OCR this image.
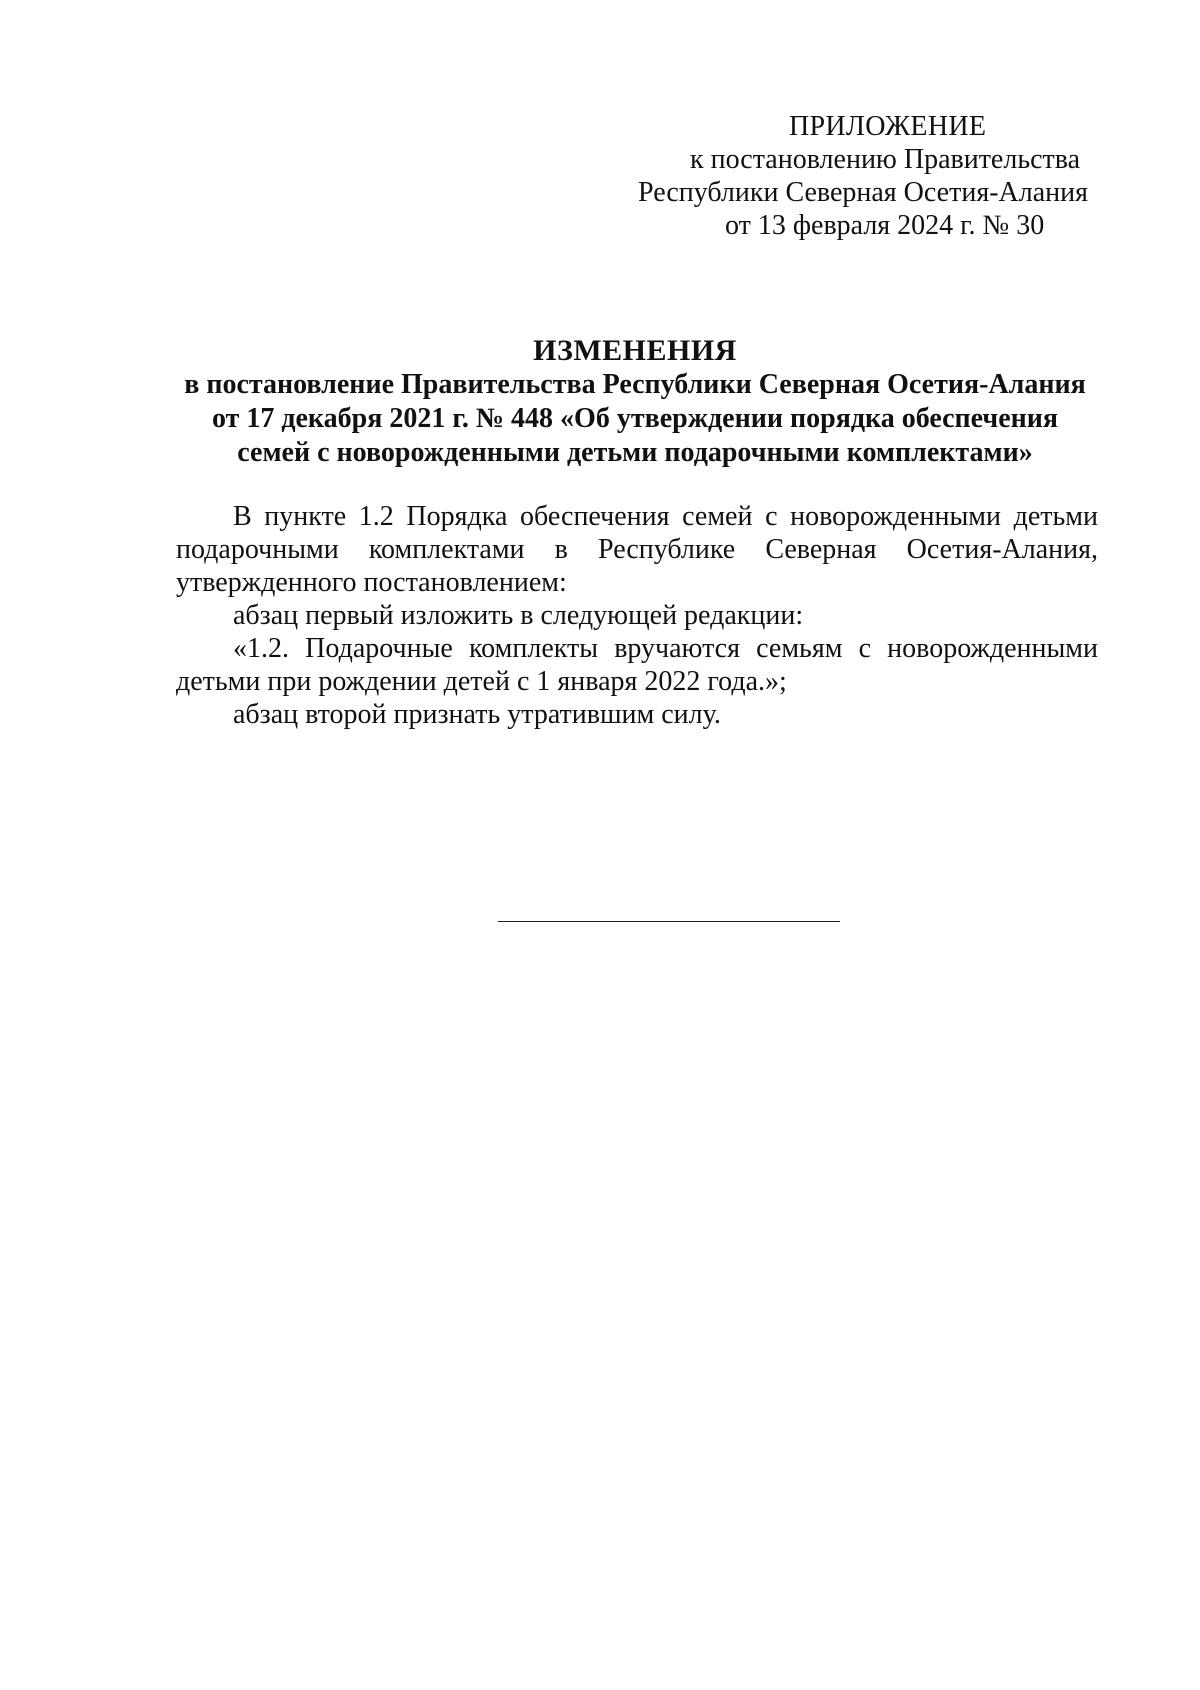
ПРИЛОЖЕНИЕ
к постановлению Правительства
Республики Северная Осетия-Алания
от 13 февраля 2024 г. № 30
ИЗМЕНЕНИЯ
в постановление Правительства Республики Северная Осетия-Алания
от 17 декабря 2021 г. № 448 «Об утверждении порядка обеспечения
семей с новорожденными детьми подарочными комплектами»

В пункте 1.2 Порядка обеспечения семей с новорожденными детьми подарочными комплектами в Республике Северная Осетия-Алания, утвержденного постановлением:

абзац первый изложить в следующей редакции:

«1.2. Подарочные комплекты вручаются семьям с новорожденными детьми при рождении детей с 1 января 2022 года.»;

абзац второй признать утратившим силу.
